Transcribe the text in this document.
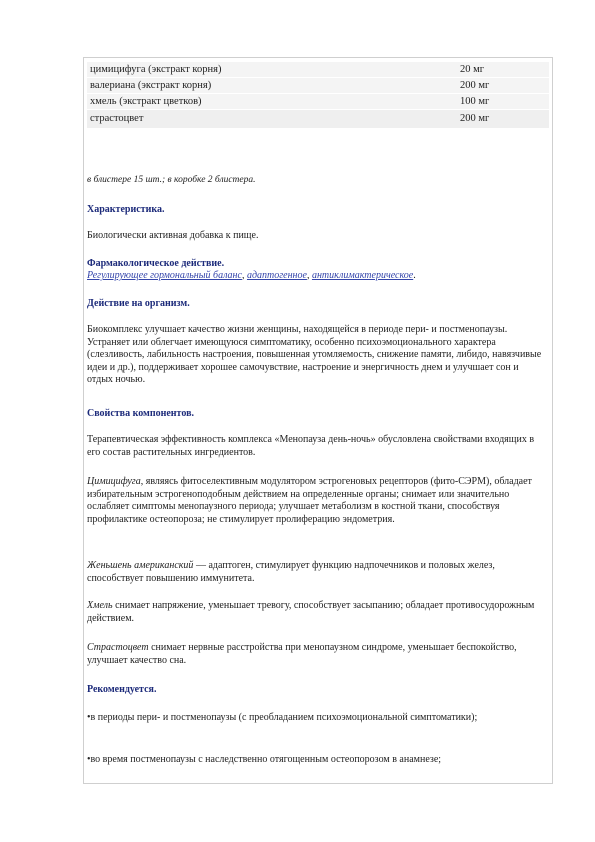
цимицифуга (экстракт корня)	20 мг
валериана (экстракт корня)	200 мг
хмель (экстракт цветков)	100 мг
страстоцвет	200 мг

в блистере 15 шт.; в коробке 2 блистера.

Характеристика.

Биологически активная добавка к пище.

Фармакологическое действие.

Регулирующее гормональный баланс, адаптогенное, антиклимактерическое.

Действие на организм.

Биокомплекс улучшает качество жизни женщины, находящейся в периоде пери- и постменопаузы. Устраняет или облегчает имеющуюся симптоматику, особенно психоэмоционального характера (слезливость, лабильность настроения, повышенная утомляемость, снижение памяти, либидо, навязчивые идеи и др.), поддерживает хорошее самочувствие, настроение и энергичность днем и улучшает сон и отдых ночью.

Свойства компонентов.

Терапевтическая эффективность комплекса «Менопауза день-ночь» обусловлена свойствами входящих в его состав растительных ингредиентов.

Цимицифуга, являясь фитоселективным модулятором эстрогеновых рецепторов (фито-СЭРМ), обладает избирательным эстрогеноподобным действием на определенные органы; снимает или значительно ослабляет симптомы менопаузного периода; улучшает метаболизм в костной ткани, способствуя профилактике остеопороза; не стимулирует пролиферацию эндометрия.

Женьшень американский — адаптоген, стимулирует функцию надпочечников и половых желез, способствует повышению иммунитета.

Хмель снимает напряжение, уменьшает тревогу, способствует засыпанию; обладает противосудорожным действием.

Страстоцвет снимает нервные расстройства при менопаузном синдроме, уменьшает беспокойство, улучшает качество сна.

Рекомендуется.

•в периоды пери- и постменопаузы (с преобладанием психоэмоциональной симптоматики);

•во время постменопаузы с наследственно отягощенным остеопорозом в анамнезе;
